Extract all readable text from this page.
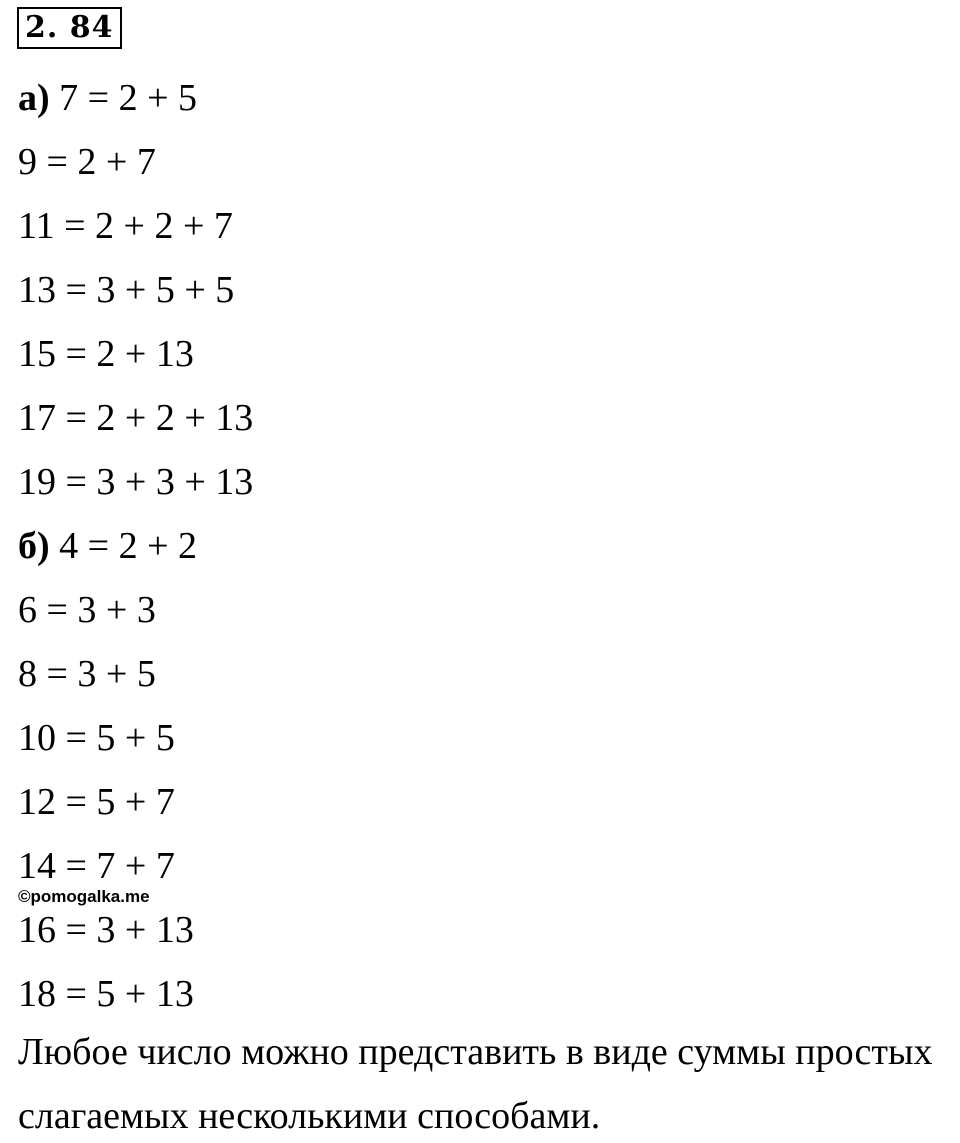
2. 84
а) 7 = 2 + 5
9 = 2 + 7
11 = 2 + 2 + 7
13 = 3 + 5 + 5
15 = 2 + 13
17 = 2 + 2 + 13
19 = 3 + 3 + 13
б) 4 = 2 + 2
6 = 3 + 3
8 = 3 + 5
10 = 5 + 5
12 = 5 + 7
14 = 7 + 7
16 = 3 + 13
18 = 5 + 13
Любое число можно представить в виде суммы простых
слагаемых несколькими способами.
©pomogalka.me
